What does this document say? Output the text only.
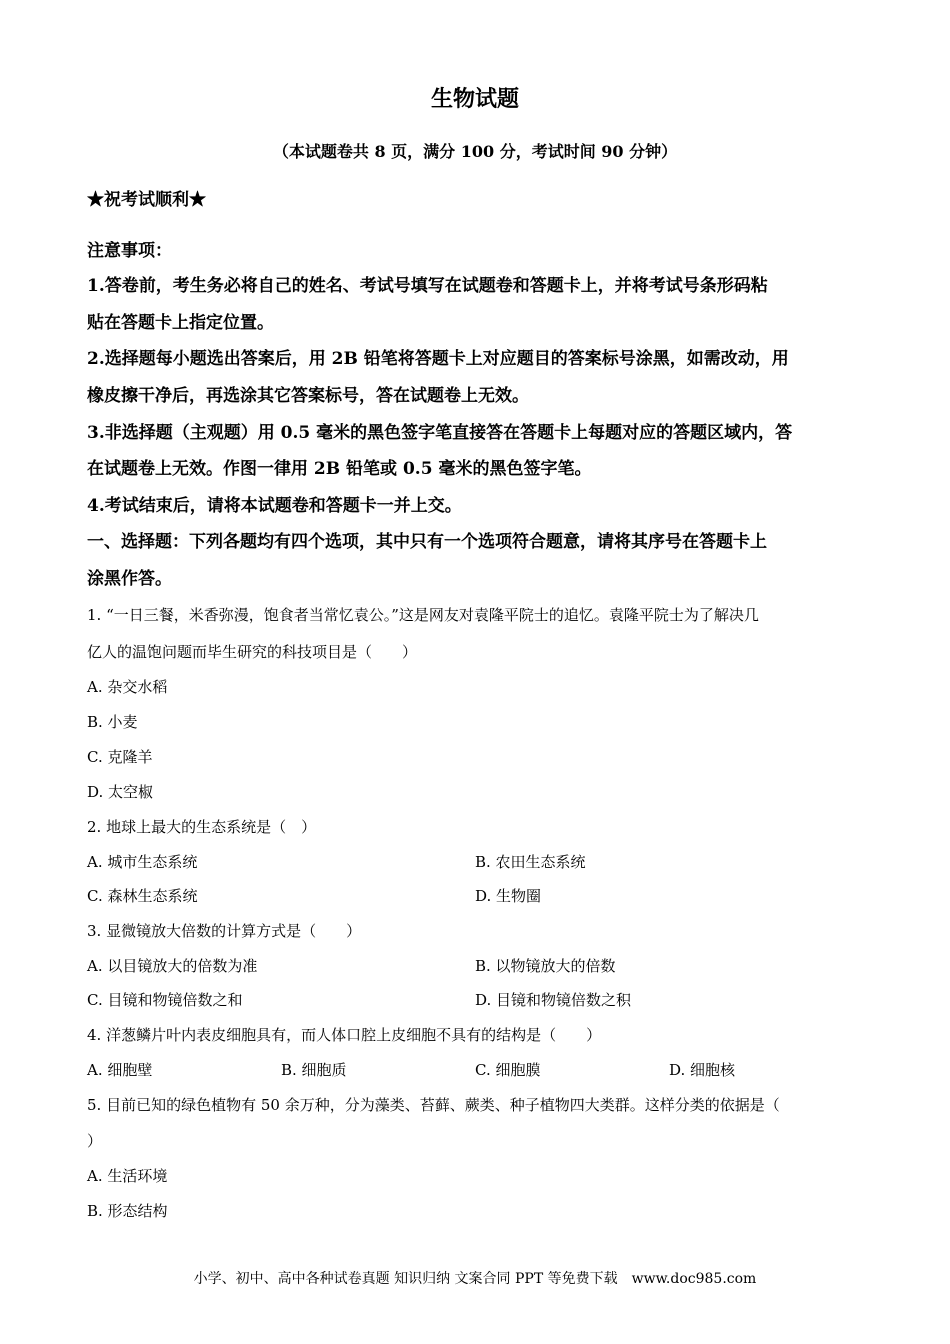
生物试题
（本试题卷共 8 页，满分 100 分，考试时间 90 分钟）
★祝考试顺利★
注意事项：
1.答卷前，考生务必将自己的姓名、考试号填写在试题卷和答题卡上，并将考试号条形码粘
贴在答题卡上指定位置。
2.选择题每小题选出答案后，用 2B 铅笔将答题卡上对应题目的答案标号涂黑，如需改动，用
橡皮擦干净后，再选涂其它答案标号，答在试题卷上无效。
3.非选择题（主观题）用 0.5 毫米的黑色签字笔直接答在答题卡上每题对应的答题区域内，答
在试题卷上无效。作图一律用 2B 铅笔或 0.5 毫米的黑色签字笔。
4.考试结束后，请将本试题卷和答题卡一并上交。
一、选择题：下列各题均有四个选项，其中只有一个选项符合题意，请将其序号在答题卡上
涂黑作答。
1. “一日三餐，米香弥漫，饱食者当常忆袁公。”这是网友对袁隆平院士的追忆。袁隆平院士为了解决几
亿人的温饱问题而毕生研究的科技项目是（　　）
A. 杂交水稻
B. 小麦
C. 克隆羊
D. 太空椒
2. 地球上最大的生态系统是（　）
A. 城市生态系统	B. 农田生态系统
C. 森林生态系统	D. 生物圈
3. 显微镜放大倍数的计算方式是（　　）
A. 以目镜放大的倍数为准	B. 以物镜放大的倍数
C. 目镜和物镜倍数之和	D. 目镜和物镜倍数之积
4. 洋葱鳞片叶内表皮细胞具有，而人体口腔上皮细胞不具有的结构是（　　）
A. 细胞壁	B. 细胞质	C. 细胞膜	D. 细胞核
5. 目前已知的绿色植物有 50 余万种，分为藻类、苔藓、蕨类、种子植物四大类群。这样分类的依据是（
）
A. 生活环境
B. 形态结构
小学、初中、高中各种试卷真题 知识归纳 文案合同 PPT 等免费下载　www.doc985.com
